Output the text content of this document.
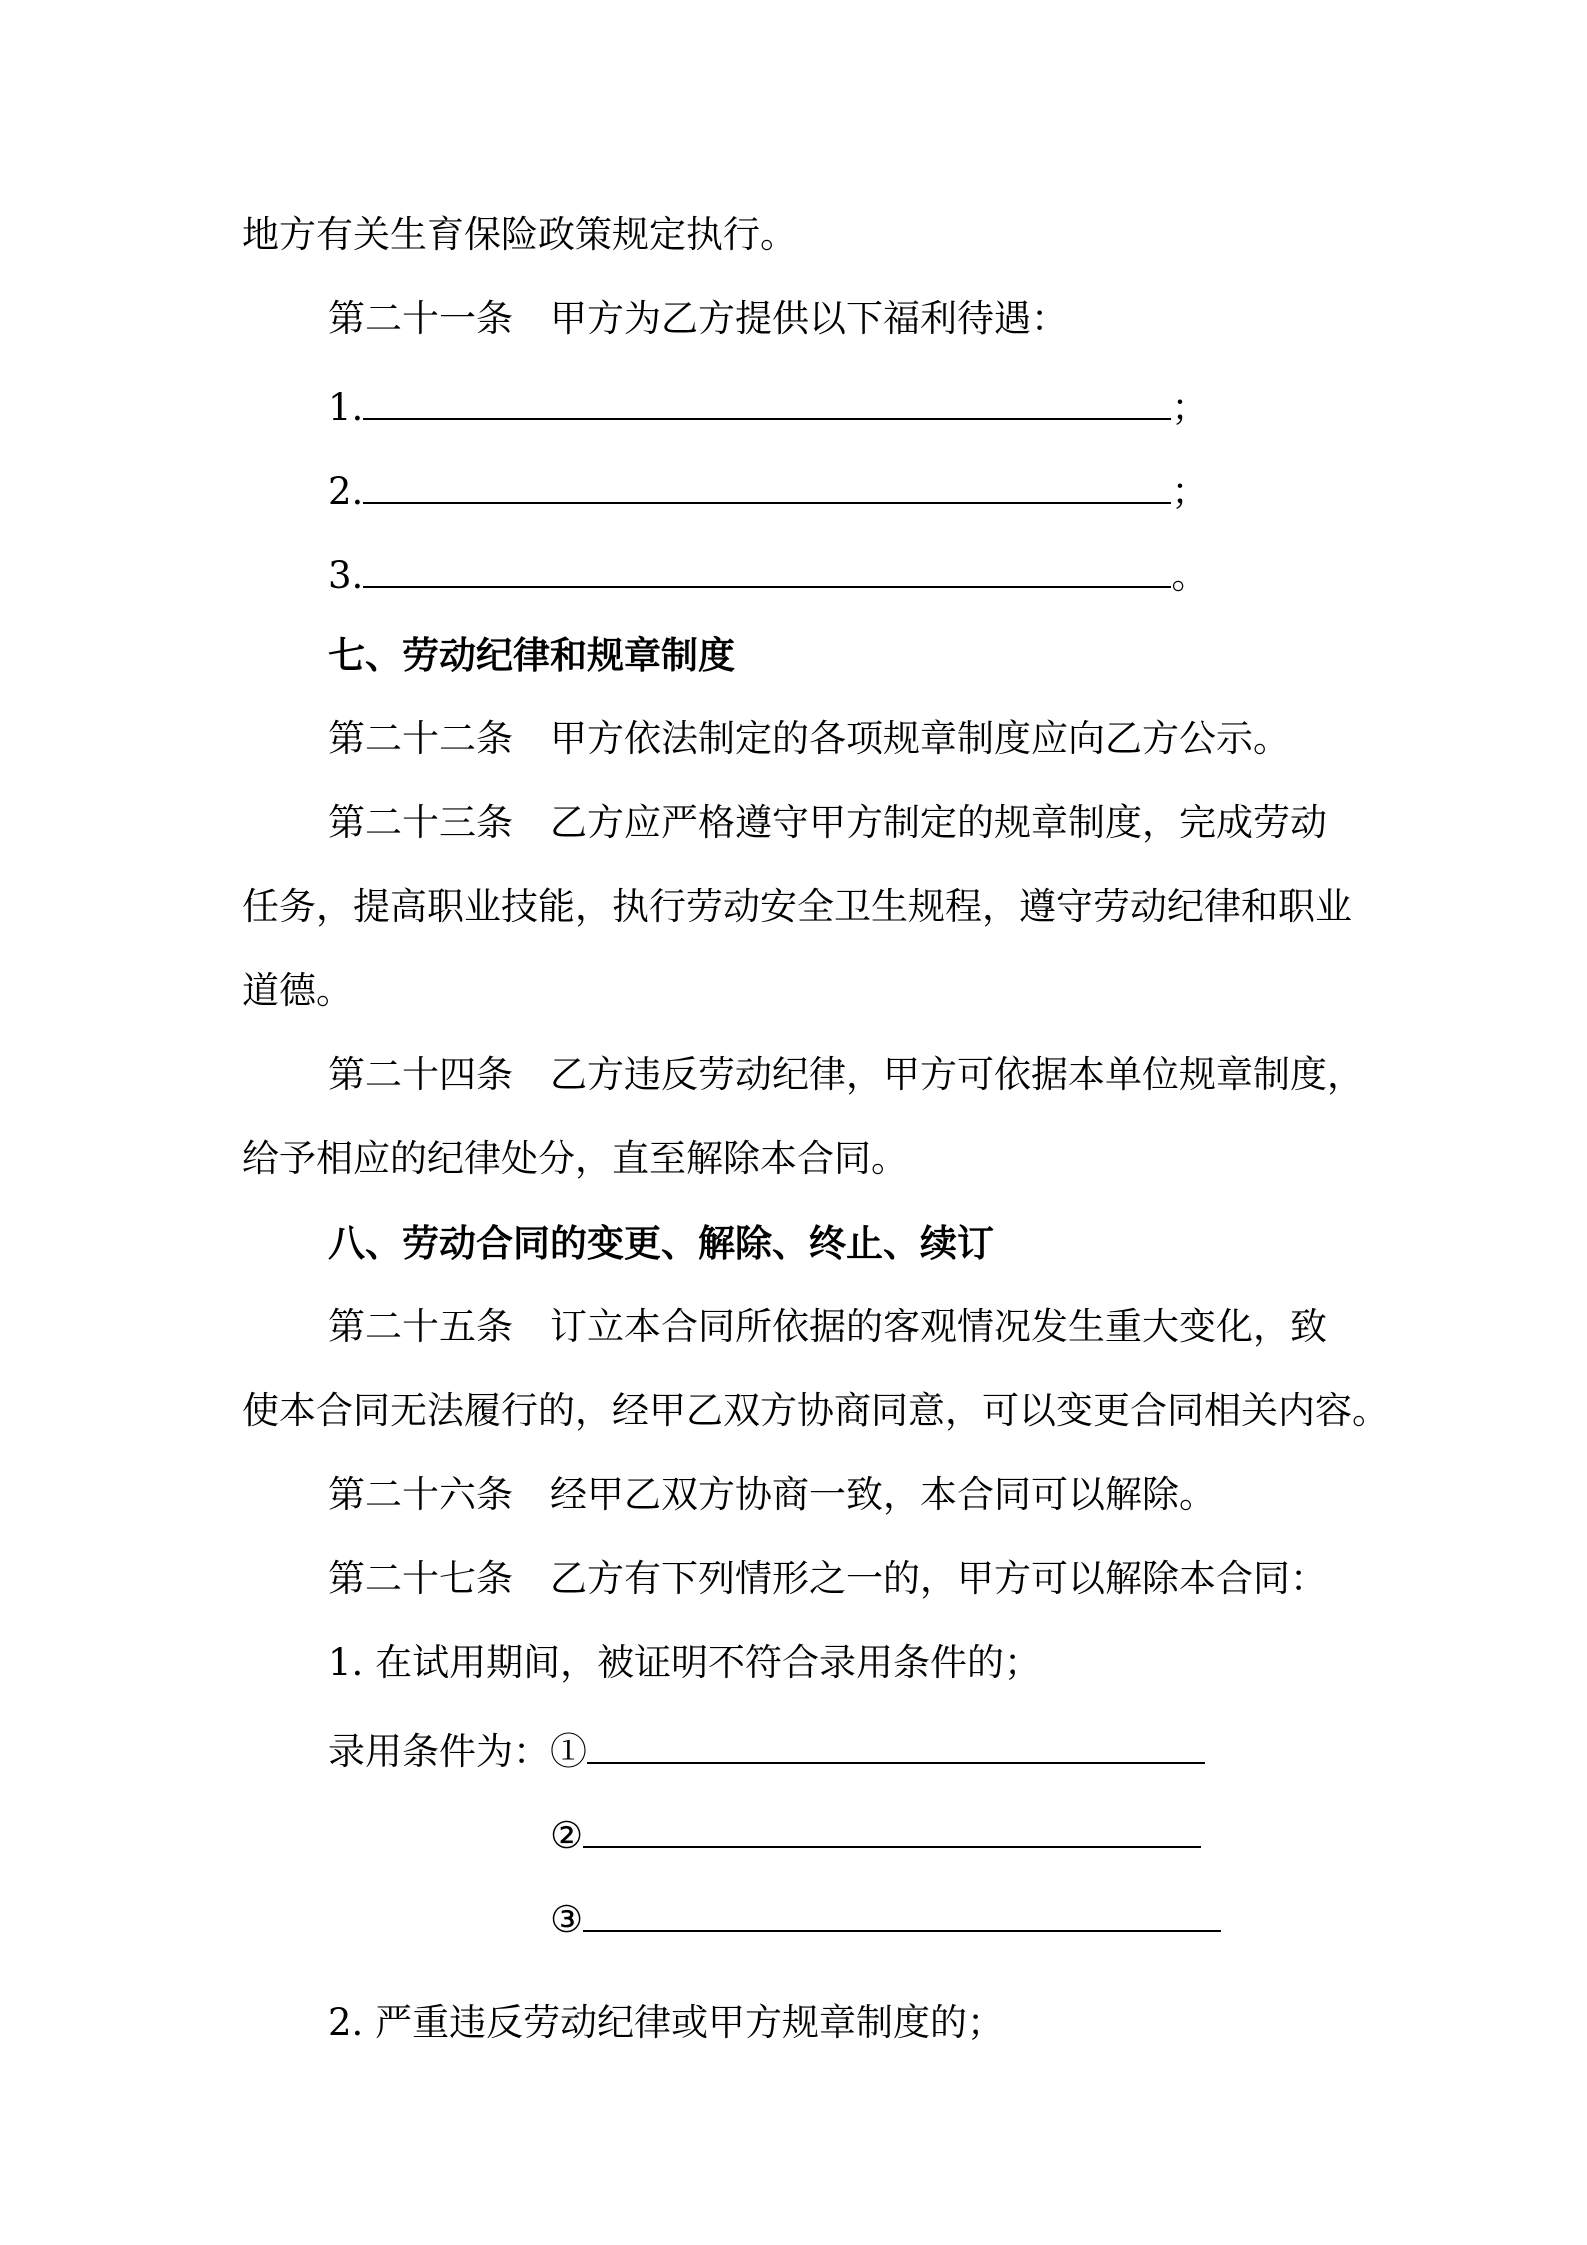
地方有关生育保险政策规定执行。
第二十一条　甲方为乙方提供以下福利待遇：
1.	；
2.	；
3.	。
七、劳动纪律和规章制度
第二十二条　甲方依法制定的各项规章制度应向乙方公示。
第二十三条　乙方应严格遵守甲方制定的规章制度，完成劳动
任务，提高职业技能，执行劳动安全卫生规程，遵守劳动纪律和职业
道德。
第二十四条　乙方违反劳动纪律，甲方可依据本单位规章制度，
给予相应的纪律处分，直至解除本合同。
八、劳动合同的变更、解除、终止、续订
第二十五条　订立本合同所依据的客观情况发生重大变化，致
使本合同无法履行的，经甲乙双方协商同意，可以变更合同相关内容。
第二十六条　经甲乙双方协商一致，本合同可以解除。
第二十七条　乙方有下列情形之一的，甲方可以解除本合同：
1. 在试用期间，被证明不符合录用条件的；
录用条件为：①
②
③
2. 严重违反劳动纪律或甲方规章制度的；
